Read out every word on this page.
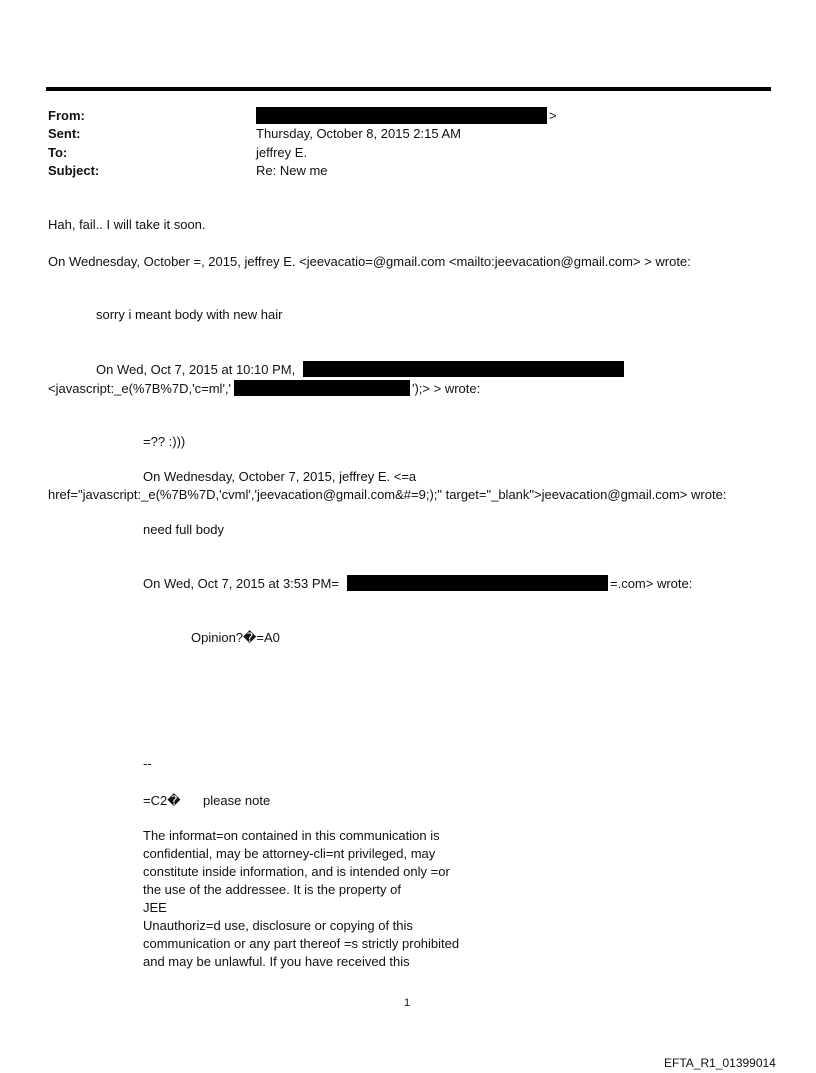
From:	>
Sent:	Thursday, October 8, 2015 2:15 AM
To:	jeffrey E.
Subject:	Re: New me
Hah, fail.. I will take it soon.
On Wednesday, October =, 2015, jeffrey E. <jeevacatio=@gmail.com <mailto:jeevacation@gmail.com> > wrote:
sorry i meant body with new hair
On Wed, Oct 7, 2015 at 10:10 PM,
<javascript:_e(%7B%7D,'c=ml','	');> > wrote:
=?? :)))
On Wednesday, October 7, 2015, jeffrey E. <=a
href="javascript:_e(%7B%7D,'cvml','jeevacation@gmail.com&#=9;);" target="_blank">jeevacation@gmail.com> wrote:
need full body
On Wed, Oct 7, 2015 at 3:53 PM=	=.com> wrote:
Opinion?�=A0
--
=C2� please note
The informat=on contained in this communication is
confidential, may be attorney-cli=nt privileged, may
constitute inside information, and is intended only =or
the use of the addressee. It is the property of
JEE
Unauthoriz=d use, disclosure or copying of this
communication or any part thereof =s strictly prohibited
and may be unlawful. If you have received this
1
EFTA_R1_01399014
